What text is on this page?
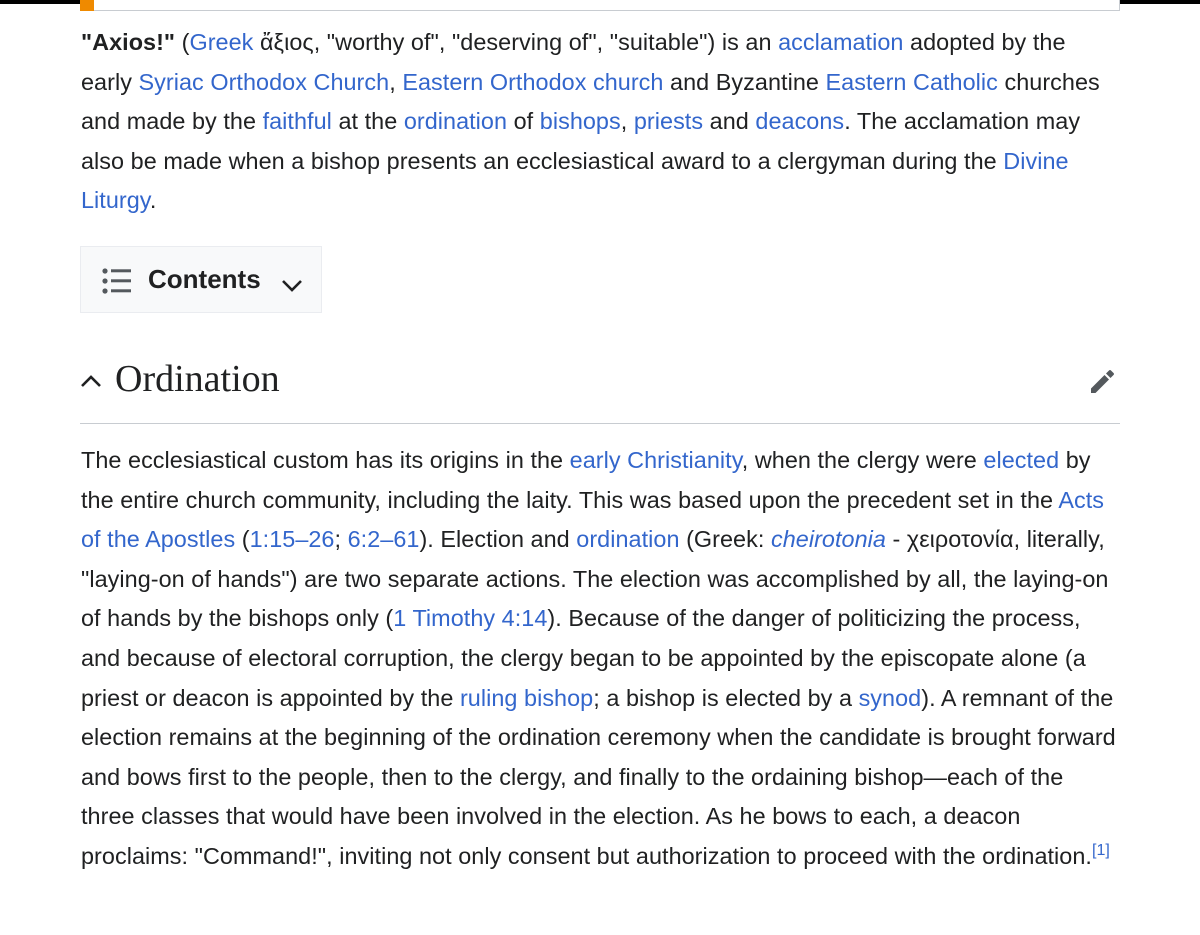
"Axios!" (Greek ἄξιος, "worthy of", "deserving of", "suitable") is an acclamation adopted by the early Syriac Orthodox Church, Eastern Orthodox church and Byzantine Eastern Catholic churches and made by the faithful at the ordination of bishops, priests and deacons. The acclamation may also be made when a bishop presents an ecclesiastical award to a clergyman during the Divine Liturgy.

Contents
Ordination

The ecclesiastical custom has its origins in the early Christianity, when the clergy were elected by the entire church community, including the laity. This was based upon the precedent set in the Acts of the Apostles (1:15–26; 6:2–61). Election and ordination (Greek: cheirotonia - χειροτονία, literally, "laying-on of hands") are two separate actions. The election was accomplished by all, the laying-on of hands by the bishops only (1 Timothy 4:14). Because of the danger of politicizing the process, and because of electoral corruption, the clergy began to be appointed by the episcopate alone (a priest or deacon is appointed by the ruling bishop; a bishop is elected by a synod). A remnant of the election remains at the beginning of the ordination ceremony when the candidate is brought forward and bows first to the people, then to the clergy, and finally to the ordaining bishop—each of the three classes that would have been involved in the election. As he bows to each, a deacon proclaims: "Command!", inviting not only consent but authorization to proceed with the ordination.[1]
